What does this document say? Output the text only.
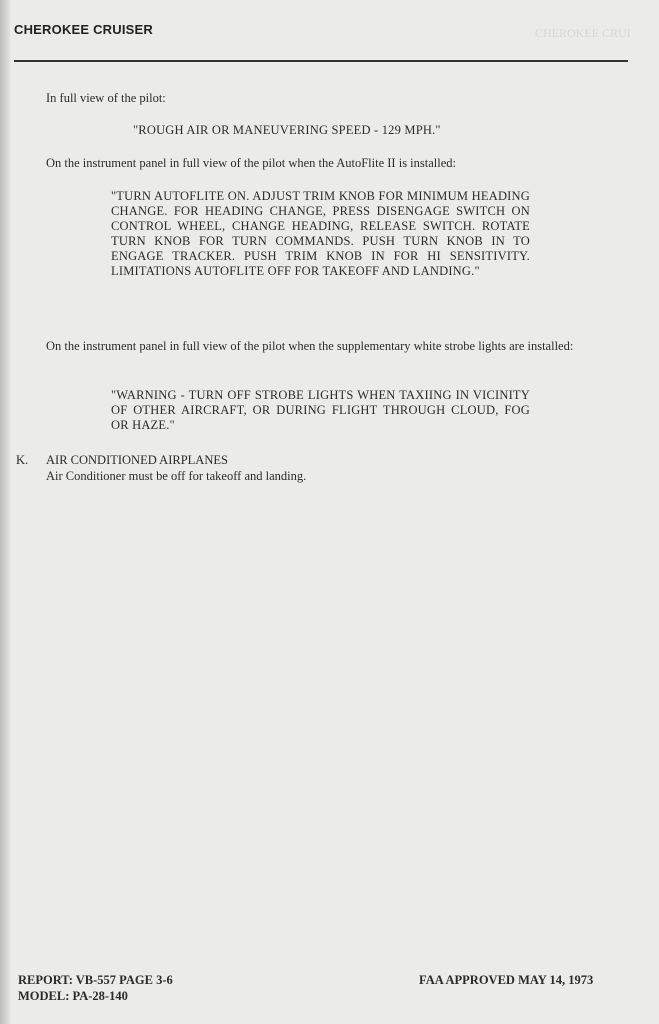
CHEROKEE CRUI
CHEROKEE CRUISER
In full view of the pilot:
"ROUGH AIR OR MANEUVERING SPEED - 129 MPH."
On the instrument panel in full view of the pilot when the AutoFlite II is installed:
"TURN AUTOFLITE ON. ADJUST TRIM KNOB FOR MINIMUM HEADING CHANGE. FOR HEADING CHANGE, PRESS DISENGAGE SWITCH ON CONTROL WHEEL, CHANGE HEADING, RELEASE SWITCH. ROTATE TURN KNOB FOR TURN COMMANDS. PUSH TURN KNOB IN TO ENGAGE TRACKER. PUSH TRIM KNOB IN FOR HI SENSITIVITY. LIMITATIONS AUTOFLITE OFF FOR TAKEOFF AND LANDING."
On the instrument panel in full view of the pilot when the supplementary white strobe lights are installed:
"WARNING - TURN OFF STROBE LIGHTS WHEN TAXIING IN VICINITY OF OTHER AIRCRAFT, OR DURING FLIGHT THROUGH CLOUD, FOG OR HAZE."
K. AIR CONDITIONED AIRPLANES
Air Conditioner must be off for takeoff and landing.
REPORT: VB-557 PAGE 3-6
MODEL: PA-28-140
FAA APPROVED MAY 14, 1973
